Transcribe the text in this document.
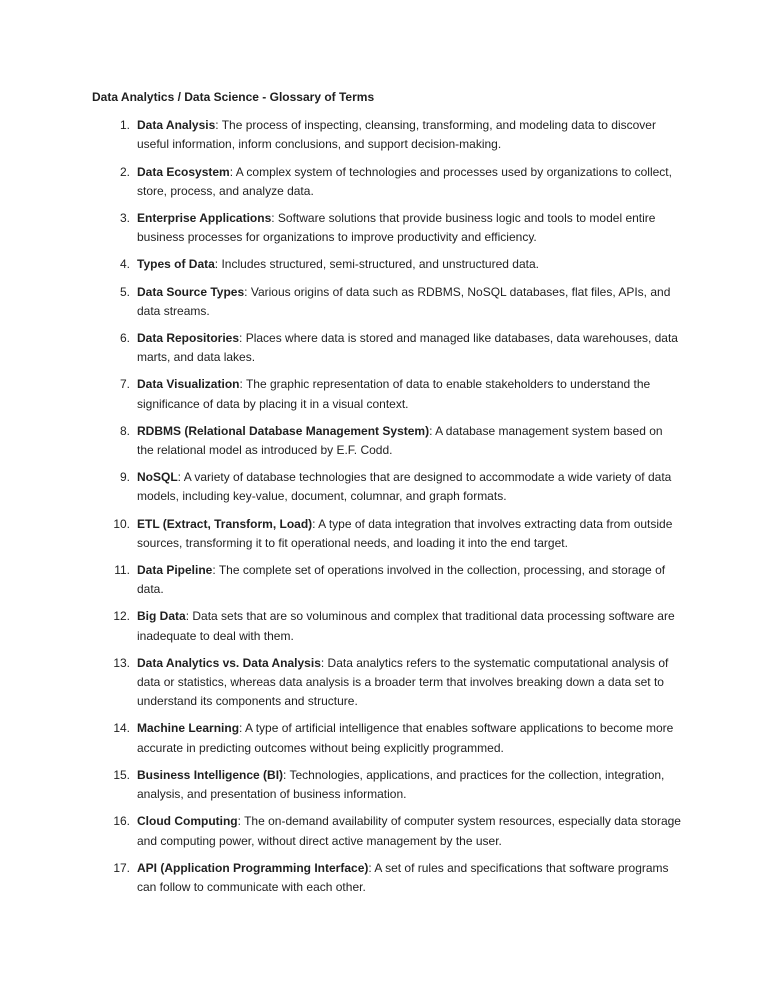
Data Analytics / Data Science - Glossary of Terms

1. Data Analysis: The process of inspecting, cleansing, transforming, and modeling data to discover useful information, inform conclusions, and support decision-making.
2. Data Ecosystem: A complex system of technologies and processes used by organizations to collect, store, process, and analyze data.
3. Enterprise Applications: Software solutions that provide business logic and tools to model entire business processes for organizations to improve productivity and efficiency.
4. Types of Data: Includes structured, semi-structured, and unstructured data.
5. Data Source Types: Various origins of data such as RDBMS, NoSQL databases, flat files, APIs, and data streams.
6. Data Repositories: Places where data is stored and managed like databases, data warehouses, data marts, and data lakes.
7. Data Visualization: The graphic representation of data to enable stakeholders to understand the significance of data by placing it in a visual context.
8. RDBMS (Relational Database Management System): A database management system based on the relational model as introduced by E.F. Codd.
9. NoSQL: A variety of database technologies that are designed to accommodate a wide variety of data models, including key-value, document, columnar, and graph formats.
10. ETL (Extract, Transform, Load): A type of data integration that involves extracting data from outside sources, transforming it to fit operational needs, and loading it into the end target.
11. Data Pipeline: The complete set of operations involved in the collection, processing, and storage of data.
12. Big Data: Data sets that are so voluminous and complex that traditional data processing software are inadequate to deal with them.
13. Data Analytics vs. Data Analysis: Data analytics refers to the systematic computational analysis of data or statistics, whereas data analysis is a broader term that involves breaking down a data set to understand its components and structure.
14. Machine Learning: A type of artificial intelligence that enables software applications to become more accurate in predicting outcomes without being explicitly programmed.
15. Business Intelligence (BI): Technologies, applications, and practices for the collection, integration, analysis, and presentation of business information.
16. Cloud Computing: The on-demand availability of computer system resources, especially data storage and computing power, without direct active management by the user.
17. API (Application Programming Interface): A set of rules and specifications that software programs can follow to communicate with each other.
